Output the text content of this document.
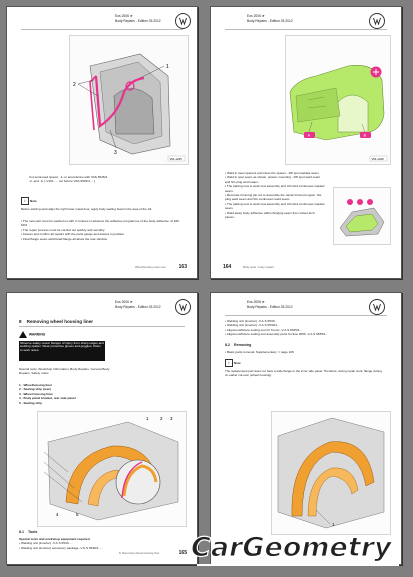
Eos 2006 ➤
Body Repairs - Edition 03.2012
1
2
3
V01-1245
Cut tensioned spacer, -1- in accordance with VAS 6545/4,
-2- and -3- (-V101- ... cut before VAS 6545/4, ...)
i Note
Before starting work align the right lower metal door, apply body sealing bead in the area of the sill.
• The new part must be welded on with 2 minutes in advance the adhesive programme of the body adhesive -D 180 KD3 ...
• The repair process must be carried out quickly and sensibly.
• Assess and confirm all repairs with the parts gauge and assess in position.
• Final flange seam weld bead flange all about the rear window.
Wheelhousing outer rear	163
Eos 2006 ➤
Body Repairs - Edition 03.2012
A	B
V01-1246
• Weld in steel spacers and clean the spacer - RP spot welded seam.
• Weld in spot seam as shown, spacer mounting - RP spot weld seam and SG plug weld seam.
• The parting new is weld new assembly and UO-2A4 continuous welded seam.
• Recreate trimming job cut to assemble the repair trimmed region. SG plug weld seam and SG continuous weld seam.
• The parting new is weld new assembly and UO-2A4 continuous welded seam.
• Weld away body adhesive within flanging seam from wheel arch pieces.
164	Body work - body repairs
Eos 2006 ➤
Body Repairs - Edition 03.2012
8 Removing wheel housing liner
WARNING
Observe safety notes! Danger of injury from sharp edges and welding spatter. Wear protective gloves and goggles. Refer to work notes.
Special tools, Workshop Information: Body Repairs, General Body Repairs, Safety notes
1 - Wheelhousing liner
2 - Sealing strip (rear)
3 - Wheel housing liner
4 - Body panel bracket, rear side panel
5 - Sealing strip
4	5
1	2 3
8.1 Tools
Special tools and workshop equipment required
• Welding unit (inverter) -V.A.S 6530- ...
• Welding unit (inverter) accessory package -V.A.S 6530/1- ...
8. Removing wheel housing liner	165
Eos 2006 ➤
Body Repairs - Edition 03.2012
• Welding unit (inverter) -V.A.S 6530-
• Welding unit (inverter) -V.A.S 6530/1-
• Alignment/fixture setting tool for Tourer -V.A.S 6535/1-
• Alignment/fixture setting tool assembly parts for Eos 2006 -V.A.S 6535/1-
8.2 Removing
• Basic parts removal: Supplementary ⇒ page 106
i Note
The replacement part does not have a wide flange to the inner side panel. Therefore, during repair work, flange cutting on earlier cut-over (wheel housing).
1
CarGeometry
